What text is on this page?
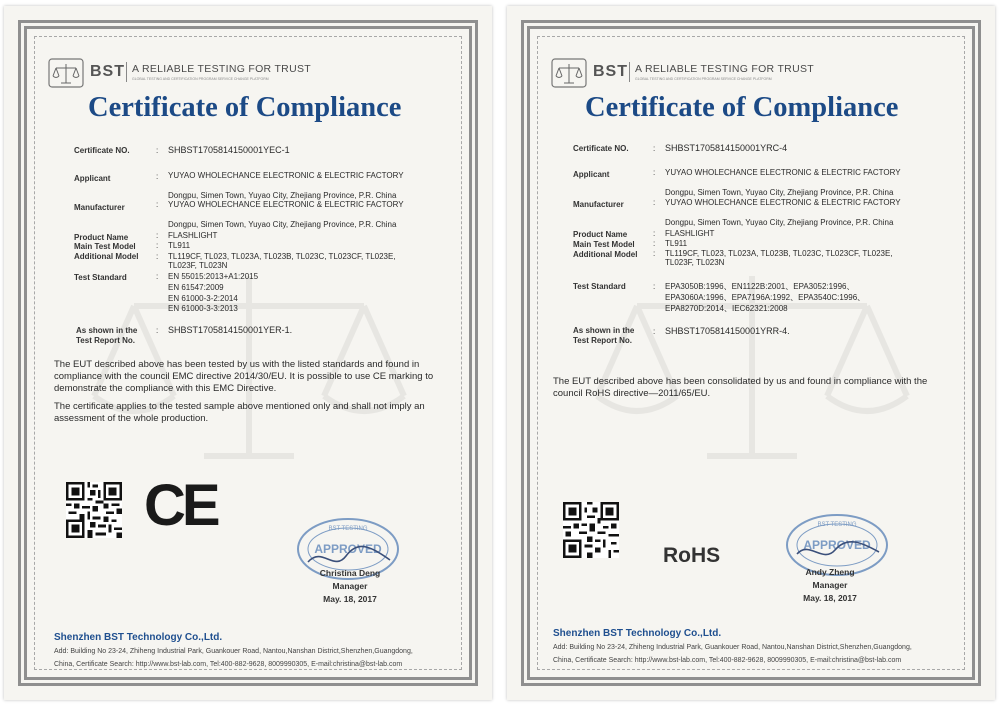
BST A RELIABLE TESTING FOR TRUST
GLOBAL TESTING AND CERTIFICATION PROGRAM SERVICE CHANGE PLATFORM
Certificate of Compliance
Certificate NO.	: SHBST1705814150001YEC-1
Applicant	: YUYAO WHOLECHANCE ELECTRONIC & ELECTRIC FACTORY
Dongpu, Simen Town, Yuyao City, Zhejiang Province, P.R. China
Manufacturer	: YUYAO WHOLECHANCE ELECTRONIC & ELECTRIC FACTORY
Dongpu, Simen Town, Yuyao City, Zhejiang Province, P.R. China
Product Name	: FLASHLIGHT
Main Test Model	: TL911
Additional Model : TL119CF, TL023, TL023A, TL023B, TL023C, TL023CF, TL023E, TL023F, TL023N
Test Standard	: EN 55015:2013+A1:2015
EN 61547:2009
EN 61000-3-2:2014
EN 61000-3-3:2013
As shown in the
Test Report No.
: SHBST1705814150001YER-1.
The EUT described above has been tested by us with the listed standards and found in compliance with the council EMC directive 2014/30/EU. It is possible to use CE marking to demonstrate the compliance with this EMC Directive.
The certificate applies to the tested sample above mentioned only and shall not imply an assessment of the whole production.
CE	BST TESTING
APPROVED
Christina Deng
Manager
May. 18, 2017
Shenzhen BST Technology Co.,Ltd.
Add: Building No 23-24, Zhiheng Industrial Park, Guankouer Road, Nantou,Nanshan District,Shenzhen,Guangdong,
China, Certificate Search: http://www.bst-lab.com, Tel:400-882-9628, 8009990305, E-mail:christina@bst-lab.com
BST A RELIABLE TESTING FOR TRUST
GLOBAL TESTING AND CERTIFICATION PROGRAM SERVICE CHANGE PLATFORM
Certificate of Compliance
Certificate NO.	: SHBST1705814150001YRC-4
Applicant	: YUYAO WHOLECHANCE ELECTRONIC & ELECTRIC FACTORY
Dongpu, Simen Town, Yuyao City, Zhejiang Province, P.R. China
Manufacturer	: YUYAO WHOLECHANCE ELECTRONIC & ELECTRIC FACTORY
Dongpu, Simen Town, Yuyao City, Zhejiang Province, P.R. China
Product Name	: FLASHLIGHT
Main Test Model : TL911
Additional Model : TL119CF, TL023, TL023A, TL023B, TL023C, TL023CF, TL023E, TL023F, TL023N
Test Standard	: EPA3050B:1996、EN1122B:2001、EPA3052:1996、
EPA3060A:1996、EPA7196A:1992、EPA3540C:1996、
EPA8270D:2014、IEC62321:2008
As shown in the
Test Report No.
: SHBST1705814150001YRR-4.
The EUT described above has been consolidated by us and found in compliance with the council RoHS directive—2011/65/EU.
RoHS
BST TESTING
APPROVED
Andy Zheng
Manager
May. 18, 2017
Shenzhen BST Technology Co.,Ltd.
Add: Building No 23-24, Zhiheng Industrial Park, Guankouer Road, Nantou,Nanshan District,Shenzhen,Guangdong,
China, Certificate Search: http://www.bst-lab.com, Tel:400-882-9628, 8009990305, E-mail:christina@bst-lab.com
